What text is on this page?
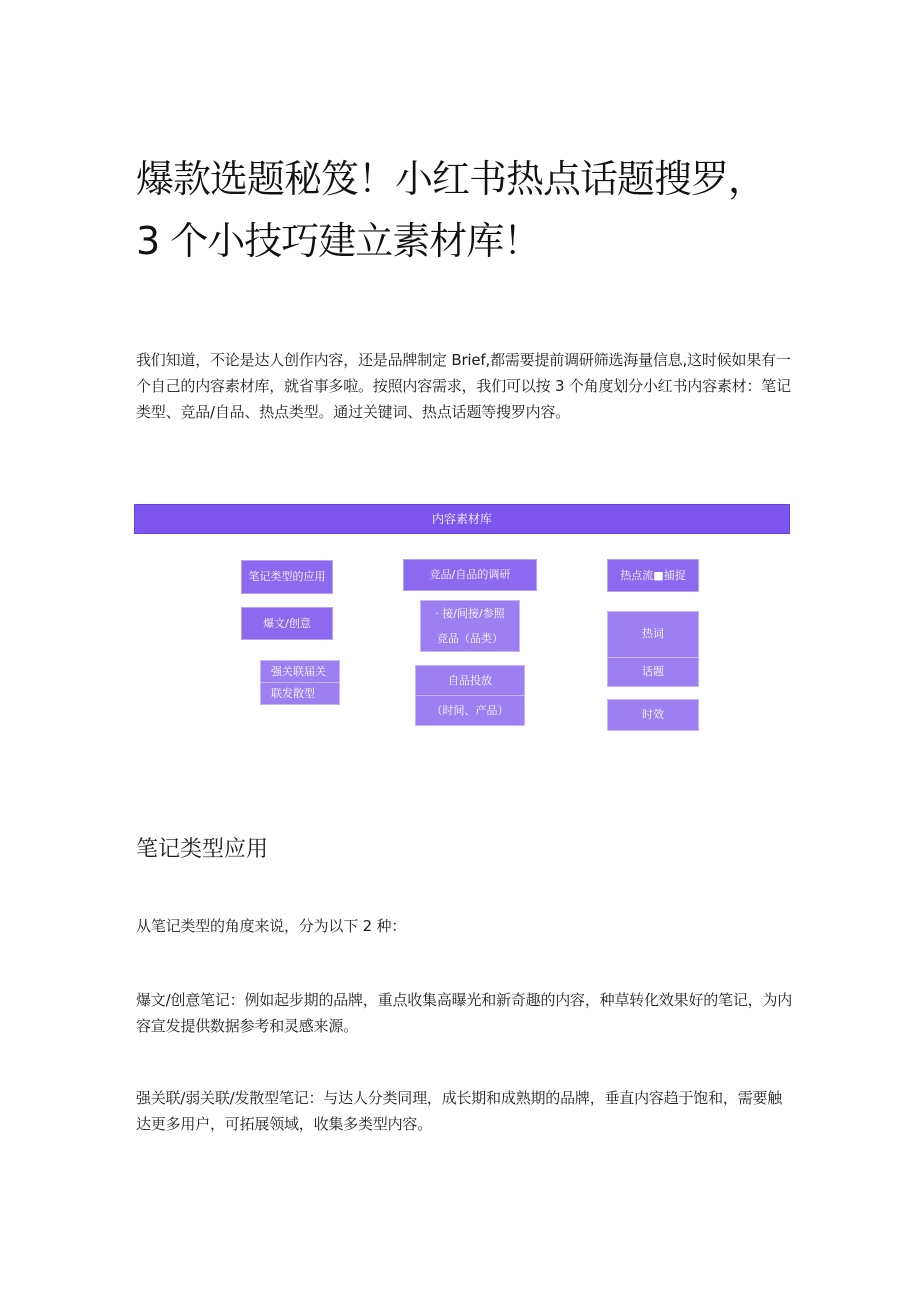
爆款选题秘笈！小红书热点话题搜罗，
3 个小技巧建立素材库！

我们知道，不论是达人创作内容，还是品牌制定 Brief,都需要提前调研筛选海量信息,这时候如果有一个自己的内容素材库，就省事多啦。按照内容需求，我们可以按 3 个角度划分小红书内容素材：笔记类型、竞品/自品、热点类型。通过关键词、热点话题等搜罗内容。

内容素材库
笔记类型的应用
爆文/创意
强关联届关
联发散型
竞品/自品的调研
· 接/间接/参照
竞品（品类）
自品投放
（时间、产品）
热点流■捕捉
热词
话题
时效
笔记类型应用

从笔记类型的角度来说，分为以下 2 种：

爆文/创意笔记：例如起步期的品牌，重点收集高曝光和新奇趣的内容，种草转化效果好的笔记，为内容宣发提供数据参考和灵感来源。

强关联/弱关联/发散型笔记：与达人分类同理，成长期和成熟期的品牌，垂直内容趋于饱和，需要触达更多用户，可拓展领域，收集多类型内容。
